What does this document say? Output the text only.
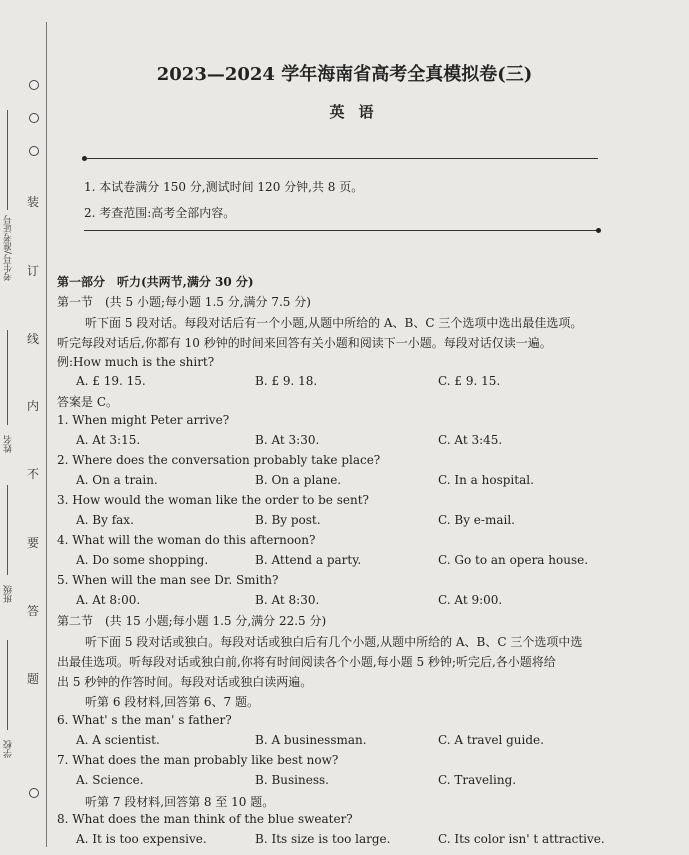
装
订
线
内
不
要
答
题
考生号/准考证号
姓名
班级
学校
2023—2024 学年海南省高考全真模拟卷(三)
英语
1. 本试卷满分 150 分,测试时间 120 分钟,共 8 页。
2. 考查范围:高考全部内容。
第一部分　听力(共两节,满分 30 分)
第一节　(共 5 小题;每小题 1.5 分,满分 7.5 分)
听下面 5 段对话。每段对话后有一个小题,从题中所给的 A、B、C 三个选项中选出最佳选项。
听完每段对话后,你都有 10 秒钟的时间来回答有关小题和阅读下一小题。每段对话仅读一遍。
例:How much is the shirt?
A. £ 19. 15.	B. £ 9. 18.	C. £ 9. 15.
答案是 C。
1. When might Peter arrive?
A. At 3:15.	B. At 3:30.	C. At 3:45.
2. Where does the conversation probably take place?
A. On a train.	B. On a plane.	C. In a hospital.
3. How would the woman like the order to be sent?
A. By fax.	B. By post.	C. By e-mail.
4. What will the woman do this afternoon?
A. Do some shopping.	B. Attend a party.	C. Go to an opera house.
5. When will the man see Dr. Smith?
A. At 8:00.	B. At 8:30.	C. At 9:00.
第二节　(共 15 小题;每小题 1.5 分,满分 22.5 分)
听下面 5 段对话或独白。每段对话或独白后有几个小题,从题中所给的 A、B、C 三个选项中选
出最佳选项。听每段对话或独白前,你将有时间阅读各个小题,每小题 5 秒钟;听完后,各小题将给
出 5 秒钟的作答时间。每段对话或独白读两遍。
听第 6 段材料,回答第 6、7 题。
6. What' s the man' s father?
A. A scientist.	B. A businessman.	C. A travel guide.
7. What does the man probably like best now?
A. Science.	B. Business.	C. Traveling.
听第 7 段材料,回答第 8 至 10 题。
8. What does the man think of the blue sweater?
A. It is too expensive.	B. Its size is too large.	C. Its color isn' t attractive.
